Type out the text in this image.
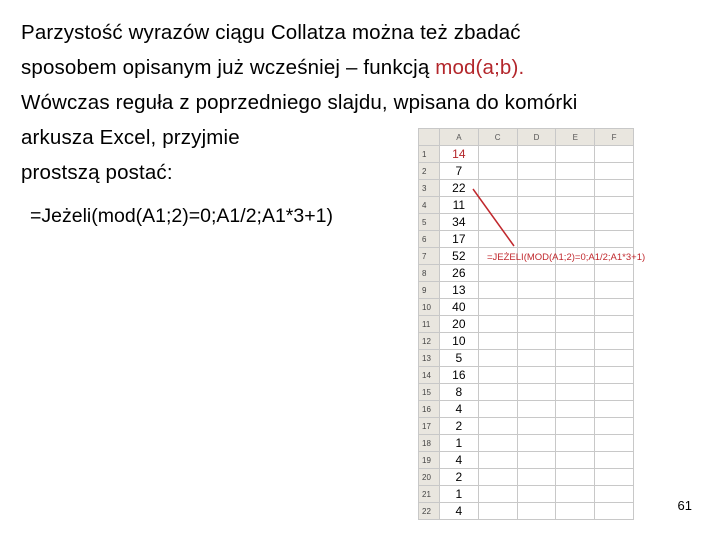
Parzystość wyrazów ciągu Collatza można też zbadać
sposobem opisanym już wcześniej – funkcją mod(a;b).
Wówczas reguła z poprzedniego slajdu, wpisana do komórki
arkusza Excel, przyjmie
prostszą postać:
=Jeżeli(mod(A1;2)=0;A1/2;A1*3+1)
	A	C	D	E	F
1	14				
2	7				
3	22				
4	11				
5	34				
6	17				
7	52				
8	26				
9	13				
10	40				
11	20				
12	10				
13	5				
14	16				
15	8				
16	4				
17	2				
18	1				
19	4				
20	2				
21	1				
22	4				
=JEŻELI(MOD(A1;2)=0;A1/2;A1*3+1)
61
